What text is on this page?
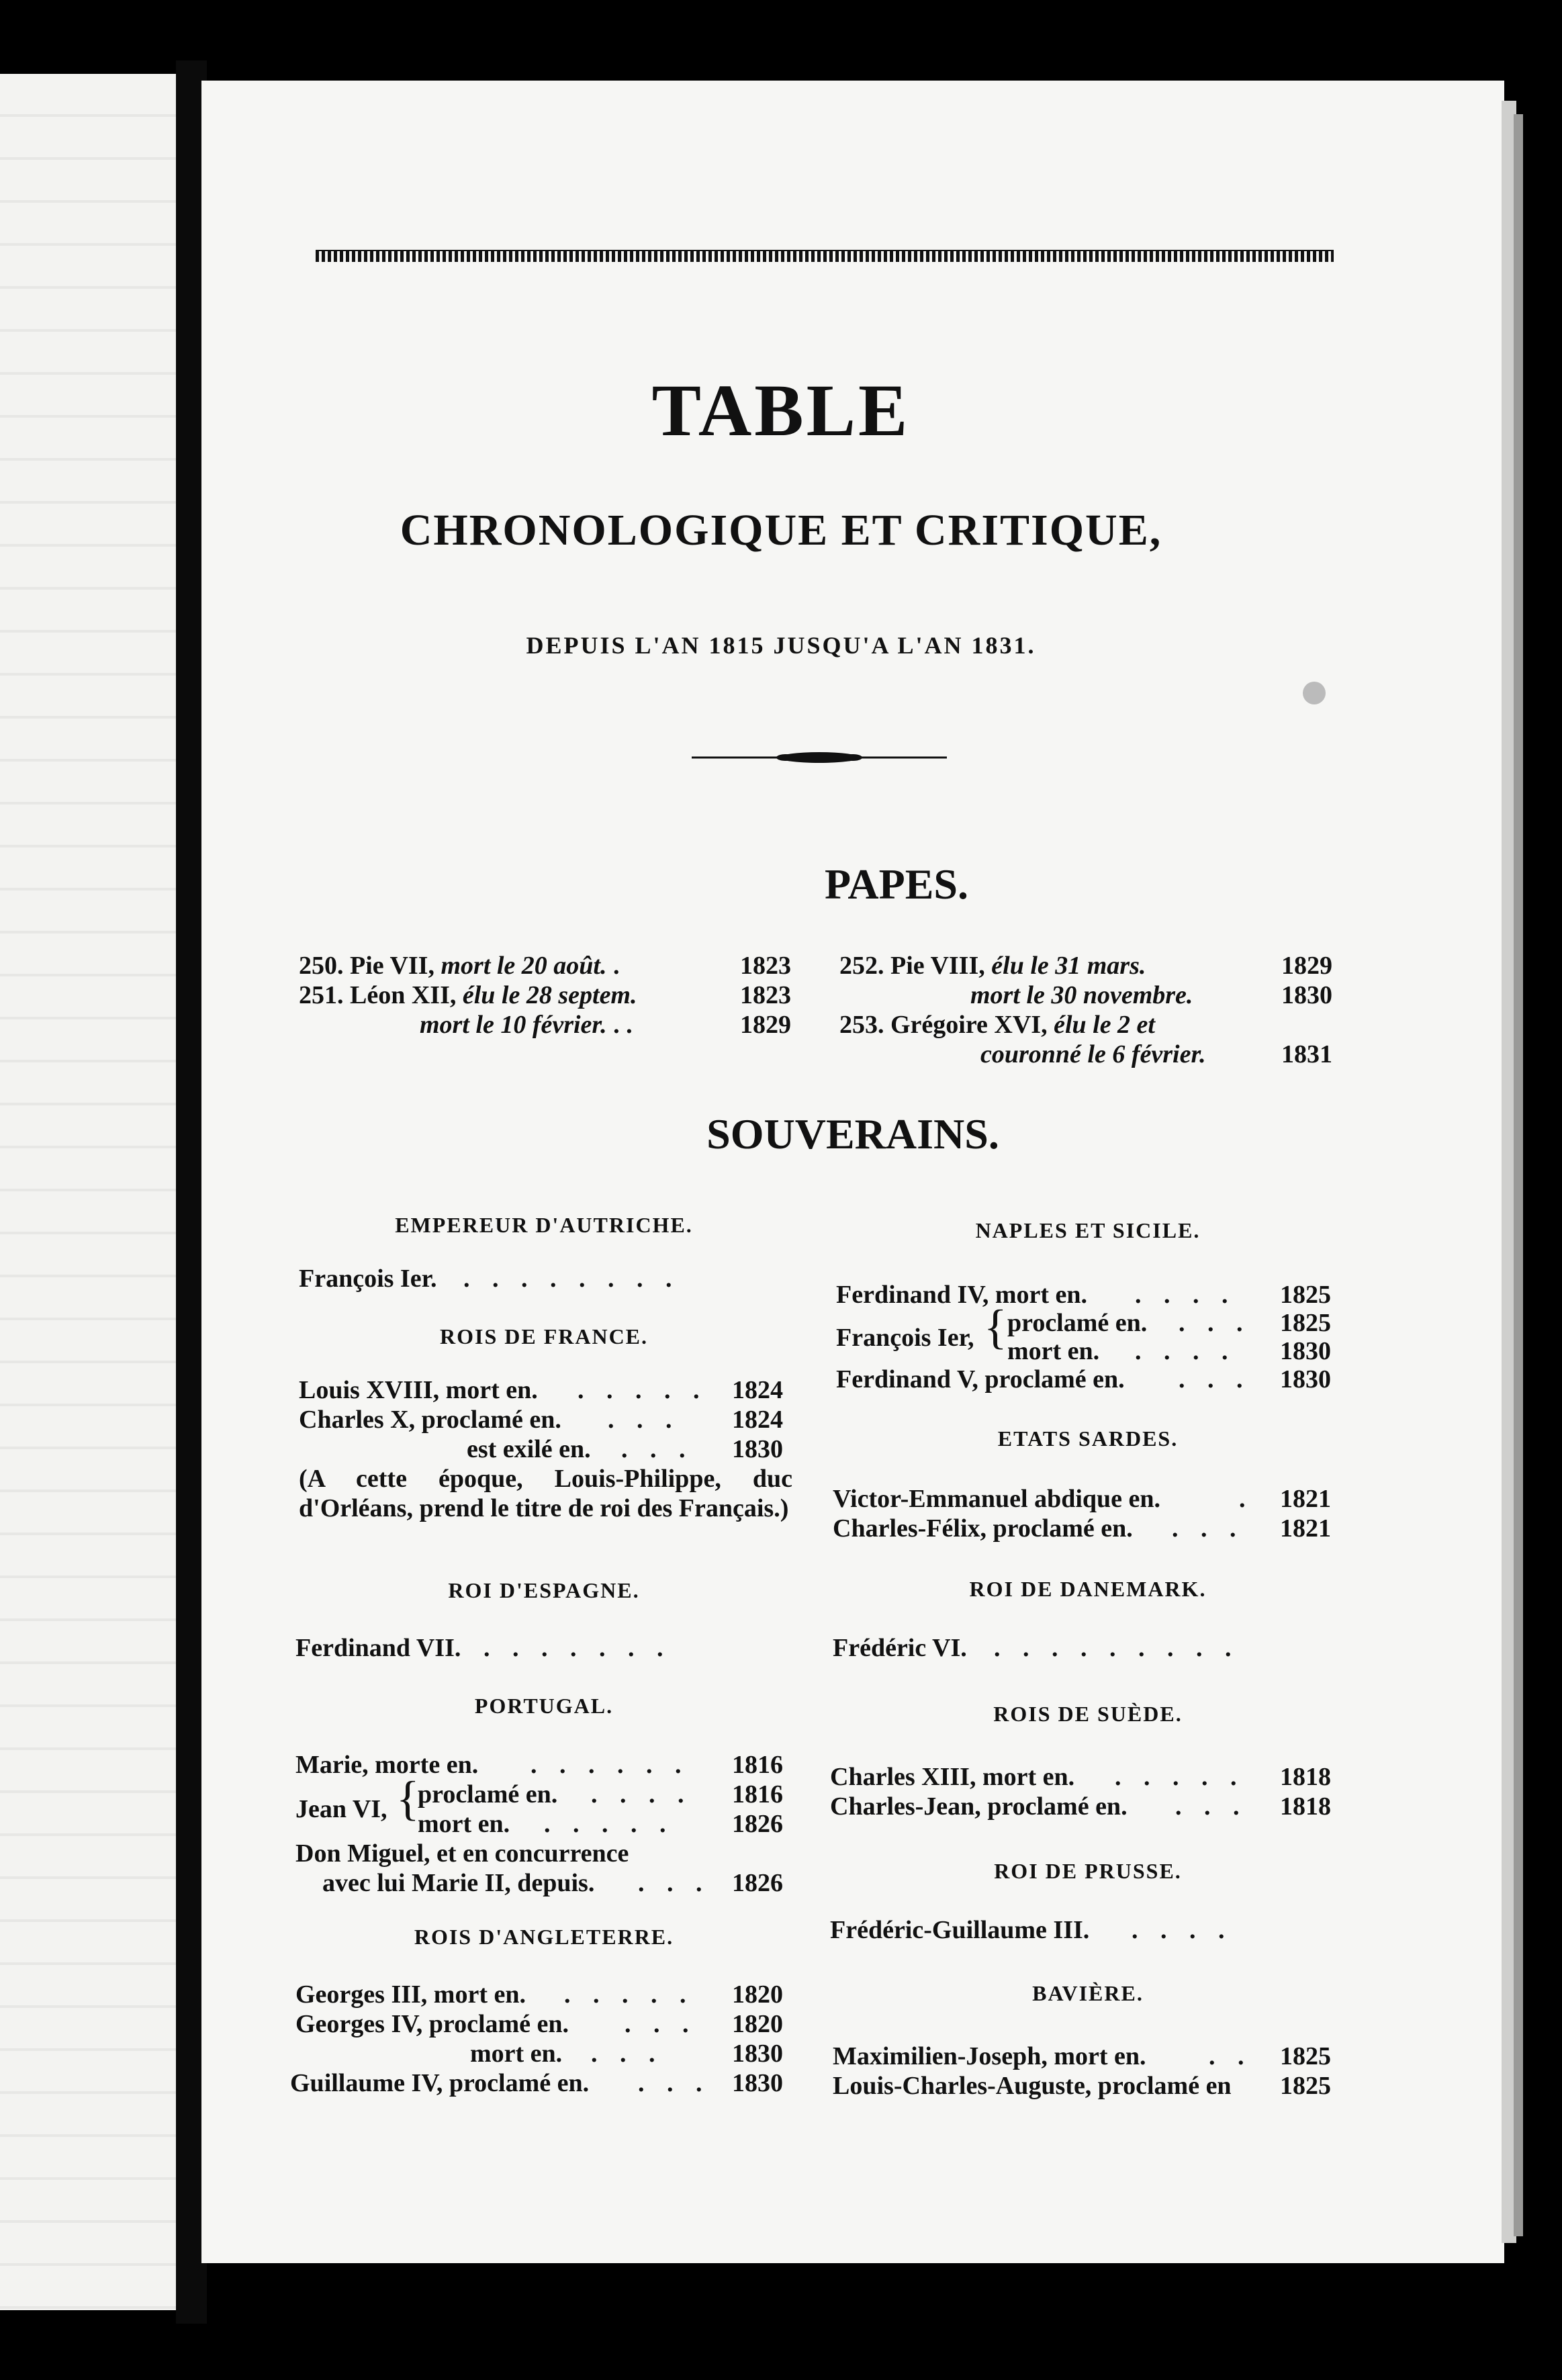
TABLE
CHRONOLOGIQUE ET CRITIQUE,
DEPUIS L'AN 1815 JUSQU'A L'AN 1831.
PAPES.
250. Pie VII, mort le 20 août. .	1823
251. Léon XII, élu le 28 septem.	1823
mort le 10 février. . .	1829
252. Pie VIII, élu le 31 mars.	1829
mort le 30 novembre.	1830
253. Grégoire XVI, élu le 2 et
couronné le 6 février.	1831
SOUVERAINS.
EMPEREUR D'AUTRICHE.
François Ier. . . . . . . . .
ROIS DE FRANCE.
Louis XVIII, mort en. . . . . . 1824
Charles X, proclamé en. . . . 1824
est exilé en. . . . 1830
(A cette époque, Louis-Philippe, duc d'Orléans, prend le titre de roi des Français.)
ROI D'ESPAGNE.
Ferdinand VII. . . . . . . .
PORTUGAL.
Marie, morte en. . . . . . . 1816
Jean VI, {
proclamé en. . . . . 1816
mort en. . . . . . 1826
Don Miguel, et en concurrence
avec lui Marie II, depuis. . . . 1826
ROIS D'ANGLETERRE.
Georges III, mort en. . . . . . 1820
Georges IV, proclamé en. . . . 1820
mort en. . . .	1830
Guillaume IV, proclamé en. . . . 1830
NAPLES ET SICILE.
Ferdinand IV, mort en. . . . . 1825
François Ier, { proclamé en. . . . 1825
mort en. . . . . 1830
Ferdinand V, proclamé en. . . . 1830
ETATS SARDES.
Victor-Emmanuel abdique en.	. 1821
Charles-Félix, proclamé en. . . . 1821
ROI DE DANEMARK.
Frédéric VI. . . . . . . . . .
ROIS DE SUÈDE.
Charles XIII, mort en. . . . . . 1818
Charles-Jean, proclamé en. . . . 1818
ROI DE PRUSSE.
Frédéric-Guillaume III. . . . .
BAVIÈRE.
Maximilien-Joseph, mort en. . . 1825
Louis-Charles-Auguste, proclamé en 1825
